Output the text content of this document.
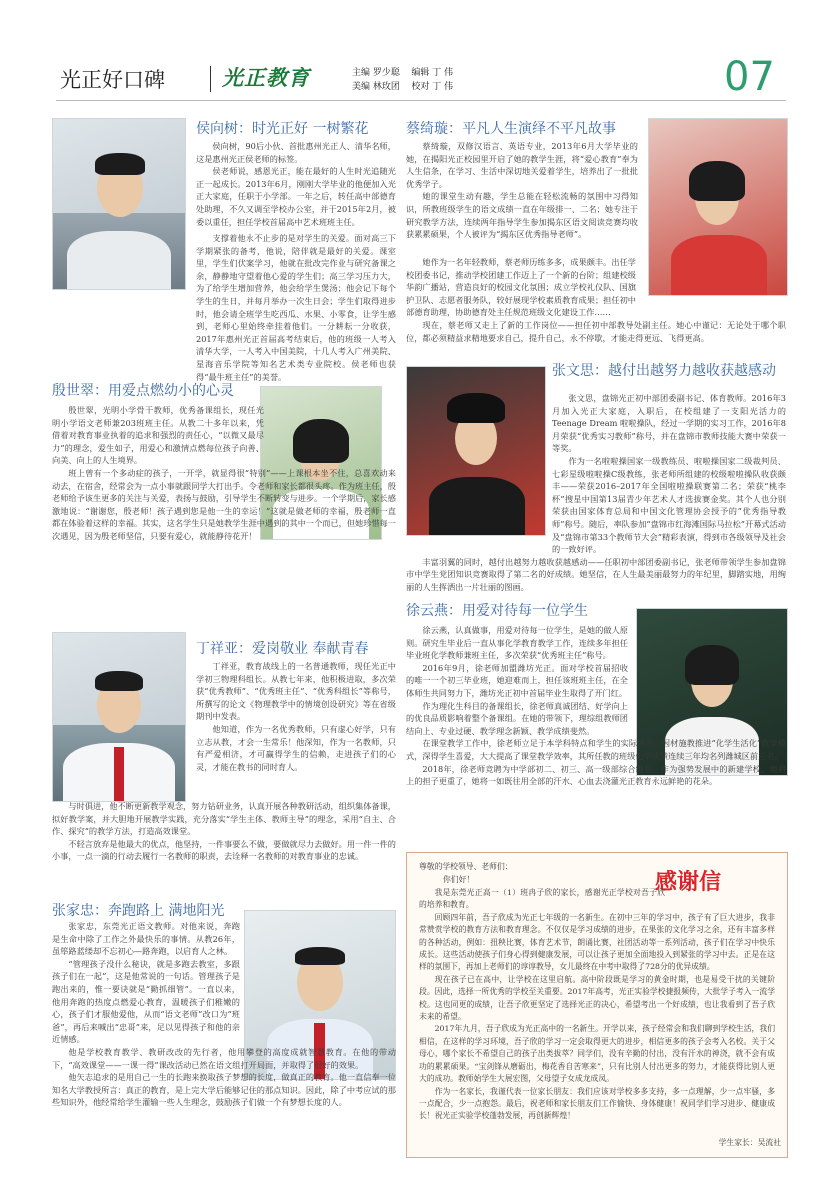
光正好口碑	光正教育	主编 罗少聪 编辑 丁 伟
美编 林玫团 校对 丁 伟	07
侯向树：时光正好 一树繁花

侯向树，90后小伙、首批惠州光正人、清华名师，这是惠州光正侯老师的标签。

侯老师说，感恩光正，能在最好的人生时光追随光正一起成长。2013年6月，刚刚大学毕业的他便加入光正大家庭，任职于小学部。一年之后，转任高中部德育处助理，不久又调至学校办公室，并于2015年2月，被委以重任，担任学校首届高中艺术班班主任。

支撑着他永不止步的是对学生的关爱。面对高三下学期紧张的备考，他说，陪伴就是最好的关爱。课室里，学生们伏案学习，他就在批改完作业与研究备课之余，静静地守望着他心爱的学生们；高三学习压力大，为了给学生增加营养，他会给学生煲汤；他会记下每个学生的生日，并每月举办一次生日会；学生们取得进步时，他会请全班学生吃西瓜、水果、小零食，让学生感到，老师心里始终牵挂着他们。一分耕耘一分收获，2017年惠州光正首届高考结束后，他的班级一人考入清华大学，一人考入中国美院，十几人考入广州美院、星海音乐学院等知名艺术类专业院校。侯老师也获得“最牛班主任”的美誉。

蔡绮璇：平凡人生演绎不平凡故事

蔡绮璇，双修汉语言、英语专业，2013年6月大学毕业的她，在揭阳光正校园里开启了她的教学生涯，将“爱心教育”奉为人生信条，在学习、生活中深切地关爱着学生，培养出了一批批优秀学子。

她的课堂生动有趣，学生总能在轻松流畅的氛围中习得知识，所教班级学生的语文成绩一直在年级排一、二名；她专注于研究教学方法，连续两年指导学生参加揭东区语文阅读竞赛均收获累累硕果，个人被评为“揭东区优秀指导老师”。

她作为一名年轻教师，蔡老师历练多多，成果颇丰。出任学校团委书记，推动学校团建工作迈上了一个新的台阶；组建校级华韵广播站，营造良好的校园文化氛围；成立学校礼仪队、国旗护卫队、志愿者服务队，较好展现学校素质教育成果；担任初中部德育助理，协助德育处主任规范班级文化建设工作……

现在，蔡老师又走上了新的工作岗位——担任初中部教导处副主任。她心中谨记：无论处于哪个职位，都必须精益求精地要求自己，提升自己，永不停歇，才能走得更远、飞得更高。

殷世翠：用爱点燃幼小的心灵

殷世翠，光明小学骨干教师，优秀备课组长，现任光明小学语文老师兼203班班主任。从教二十多年以来，凭借着对教育事业执着的追求和强烈的责任心，“以微又最尽力”的理念，爱生如子，用爱心和激情点燃每位孩子向善、向美、向上的人生境界。

班上曾有一个多动症的孩子，一开学，就显得很“特别”——上课根本坐不住，总喜欢动来动去，在宿舍，经常会为一点小事就跟同学大打出手。令老师和家长都很头疼。作为班主任，殷老师给予该生更多的关注与关爱，表扬与鼓励，引导学生不断转变与进步。一个学期后，家长感激地说：“谢谢您，殷老师！孩子遇到您是他一生的幸运！”这就是做老师的幸福，殷老师一直都在体验着这样的幸福。其实，这名学生只是她教学生涯中遇到的其中一个而已，但她珍惜每一次遇见，因为殷老师坚信，只要有爱心，就能静待花开！

张文思：越付出越努力越收获越感动

张文思，盘锦光正初中部团委副书记、体育教师。2016年3月加入光正大家庭，入职后，在校组建了一支阳光活力的Teenage Dream 啦啦操队，经过一学期的实习工作，2016年8月荣获“优秀实习教师”称号，并在盘锦市教师技能大赛中荣获一等奖。

作为一名啦啦操国家一级教练员、啦啦操国家二级裁判员、七彩星级啦啦操C级教练，张老师所组建的校级啦啦操队收获颇丰——荣获2016–2017年全国啦啦操联赛第二名；荣获“桃李杯”搜星中国第13届青少年艺术人才选拔赛金奖。其个人也分别荣获由国家体育总局和中国文化管理协会授予的“优秀指导教师”称号。随后，率队参加“盘锦市红海滩国际马拉松”开幕式活动及“盘锦市第33个教师节大会”精彩表演，得到市各级领导及社会的一致好评。

丰富羽翼的同时，越付出越努力越收获越感动——任职初中部团委副书记，张老师带领学生参加盘锦市中学生党团知识竞赛取得了第二名的好成绩。她坚信，在人生最美丽最努力的年纪里，脚踏实地，用绚丽的人生挥洒出一片壮丽的图画。

丁祥亚：爱岗敬业 奉献青春

丁祥亚，教育战线上的一名普通教师，现任光正中学初三物理科组长。从教七年来，他积极进取，多次荣获“优秀教师”、“优秀班主任”、“优秀科组长”等称号，所撰写的论文《物理教学中的情境创设研究》等在省级期刊中发表。

他知道，作为一名优秀教师，只有虚心好学，只有立志从教，才会一生常乐！他深知，作为一名教师，只有严爱相济，才可赢得学生的信赖，走进孩子们的心灵，才能在教书的同时育人。

与时俱进，他不断更新教学观念，努力钻研业务，认真开展各种教研活动，组织集体备课，拟好教学案，并大胆地开展教学实践，充分落实“学生主体、教师主导”的理念，采用“自主、合作、探究”的教学方法，打造高效课堂。

不轻言放弃是他最大的优点，他坚持，一件事要么不做，要做就尽力去做好。用一件一件的小事，一点一滴的行动去履行一名教师的职责，去诠释一名教师的对教育事业的忠诚。

徐云燕：用爱对待每一位学生

徐云燕，认真做事，用爱对待每一位学生，是她的做人原则。研究生毕业后一直从事化学教育教学工作，连续多年担任毕业班化学教师兼班主任，多次荣获“优秀班主任”称号。

2016年9月，徐老师加盟潍坊光正。面对学校首届招收的唯一一个初三毕业班，她迎难而上，担任该班班主任，在全体师生共同努力下，潍坊光正初中首届毕业生取得了开门红。

作为理化生科目的备课组长，徐老师真诚团结、好学向上的优良品质影响着整个备课组。在她的带领下，理综组教师团结向上、专业过硬、教学理念新颖、教学成绩斐然。

在课堂教学工作中，徐老师立足于本学科特点和学生的实际情况，因材施教推进“化学生活化”教学模式，深得学生喜爱，大大提高了课堂教学效率，其所任教的班级化学成绩连续三年均名列潍城区前三名。

2018年，徐老师竞聘为中学部初二、初三、高一级部综合级长。作为强势发展中的新建学校，她肩上的担子更重了，她将一如既往用全部的汗水、心血去浇灌光正教育永远鲜艳的花朵。

张家忠：奔跑路上 满地阳光

张家忠，东莞光正语文教师。对他来说，奔跑是生命中除了工作之外最快乐的事情。从教26年，虽筚路蓝缕却不忘初心—路奔跑，以启育人之林。

“管理孩子没什么秘诀，就是多跑去教室，多跟孩子们在一起”，这是他常说的一句话。管理孩子是跑出来的，惟一要诀就是“勤抓细管”。一直以来，他用奔跑的热度点燃爱心教育，温暖孩子们稚嫩的心，孩子们才服他爱他，从而“语文老师”改口为“班爸”，再后来喊出“忠哥”来，足以见得孩子和他的亲近情感。

他是学校教育教学、教研改改的先行者，他用攀登的高度成就智慧教育。在他的带动下，“高效课堂——一课一得”课改活动已然在语文组打开局面，并取得了很好的效果。

他矢志追求的是用自己一生的长跑来换取孩子梦想的长度，做真正的教育。他一直信奉一位知名大学教授所言：真正的教育，是上完大学后能够记住的那点知识。因此，除了中考应试的那些知识外，他经常给学生灌输一些人生理念，鼓励孩子们做一个有梦想长度的人。

感谢信
尊敬的学校领导、老师们：
你们好！

我是东莞光正高一（1）班冉子欣的家长，感谢光正学校对吾子欣的培养和教育。

回顾四年前，吾子欣成为光正七年级的一名新生。在初中三年的学习中，孩子有了巨大进步，我非常赞赏学校的教育方法和教育理念。不仅仅是学习成绩的进步，在果张的文化学习之余，还有丰富多样的各种活动，例如：扭秧比赛，体育艺术节，朗诵比赛，社团活动等一系列活动，孩子们在学习中快乐成长。这些活动使孩子们身心得到健康发展，可以让孩子更加全面地投入到紧张的学习中去。正是在这样的氛围下，再加上老师们的谆谆教导，女儿最终在中考中取得了728分的优异成绩。

现在孩子已在高中，让学校在这里启航。高中阶段既是学习的黄金时期，也是易受干扰的关键阶段。因此，选择一所优秀的学校至关重要。2017年高考，光正实验学校捷报频传，大批学子考入一流学校。这也同更的成绩，让吾子欣更坚定了选择光正的决心，希望考出一个好成绩，也让我看到了吾子欣未来的希望。

2017年九月，吾子欣成为光正高中的一名新生。开学以来，孩子经常会和我们聊到学校生活，我们相信，在这样的学习环境，吾子欣的学习一定会取得更大的进步，相信更多的孩子会考入名校。关于父母心，哪个家长不希望自己的孩子出类拔萃？同学们，没有辛勤的付出，没有汗水的神浇，就不会有成功的累累硕果。“宝剑锋从磨砺出，梅花香自苦寒来”，只有比别人付出更多的努力，才能获得比别人更大的成功。教师始学生大展宏图，父母望子女成龙成凤。

作为一名家长，我谨代表一位家长朋友：我们应该对学校多多支持，多一点理解，少一点牢骚，多一点配合，少一点抱怨。最后，祝老师和家长朋友们工作愉快、身体健康！祝同学们学习进步、健康成长！祝光正实验学校蓬勃发展，再创新辉煌！

学生家长：吴流社
